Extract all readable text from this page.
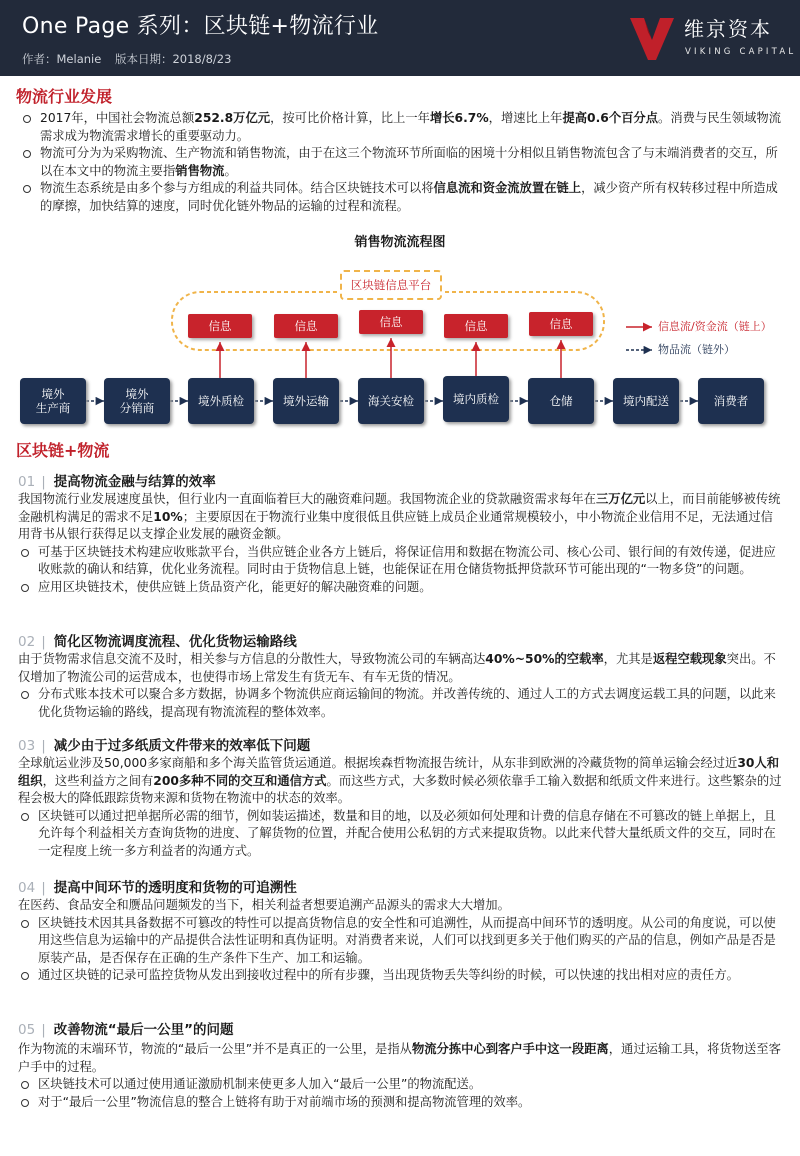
One Page 系列：区块链+物流行业
作者：Melanie 版本日期：2018/8/23
维京资本
VIKING CAPITAL
物流行业发展
2017年，中国社会物流总额252.8万亿元，按可比价格计算，比上一年增长6.7%，增速比上年提高0.6个百分点。消费与民生领域物流需求成为物流需求增长的重要驱动力。
物流可分为为采购物流、生产物流和销售物流，由于在这三个物流环节所面临的困境十分相似且销售物流包含了与末端消费者的交互，所以在本文中的物流主要指销售物流。
物流生态系统是由多个参与方组成的利益共同体。结合区块链技术可以将信息流和资金流放置在链上，减少资产所有权转移过程中所造成的摩擦，加快结算的速度，同时优化链外物品的运输的过程和流程。
销售物流流程图
区块链信息平台
信息	信息	信息	信息	信息
境外
生产商
境外
分销商	境外质检	境外运输	海关安检	境内质检	仓储	境内配送	消费者
信息流/资金流（链上）
物品流（链外）
区块链+物流
01 | 提高物流金融与结算的效率
我国物流行业发展速度虽快，但行业内一直面临着巨大的融资难问题。我国物流企业的贷款融资需求每年在三万亿元以上，而目前能够被传统金融机构满足的需求不足10%；主要原因在于物流行业集中度很低且供应链上成员企业通常规模较小，中小物流企业信用不足，无法通过信用背书从银行获得足以支撑企业发展的融资金额。
可基于区块链技术构建应收账款平台，当供应链企业各方上链后，将保证信用和数据在物流公司、核心公司、银行间的有效传递，促进应收账款的确认和结算，优化业务流程。同时由于货物信息上链，也能保证在用仓储货物抵押贷款环节可能出现的“一物多贷”的问题。
应用区块链技术，使供应链上货品资产化，能更好的解决融资难的问题。
02 | 简化区物流调度流程、优化货物运输路线
由于货物需求信息交流不及时，相关参与方信息的分散性大，导致物流公司的车辆高达40%~50%的空载率，尤其是返程空载现象突出。不仅增加了物流公司的运营成本，也使得市场上常发生有货无车、有车无货的情况。
分布式账本技术可以聚合多方数据，协调多个物流供应商运输间的物流。并改善传统的、通过人工的方式去调度运载工具的问题，以此来优化货物运输的路线，提高现有物流流程的整体效率。
03 | 减少由于过多纸质文件带来的效率低下问题
全球航运业涉及50,000多家商船和多个海关监管货运通道。根据埃森哲物流报告统计，从东非到欧洲的冷藏货物的简单运输会经过近30人和组织，这些利益方之间有200多种不同的交互和通信方式。而这些方式，大多数时候必须依靠手工输入数据和纸质文件来进行。这些繁杂的过程会极大的降低跟踪货物来源和货物在物流中的状态的效率。
区块链可以通过把单据所必需的细节，例如装运描述，数量和目的地，以及必须如何处理和计费的信息存储在不可篡改的链上单据上，且允许每个利益相关方查询货物的进度、了解货物的位置，并配合使用公私钥的方式来提取货物。以此来代替大量纸质文件的交互，同时在一定程度上统一多方利益者的沟通方式。
04 | 提高中间环节的透明度和货物的可追溯性
在医药、食品安全和赝品问题频发的当下，相关利益者想要追溯产品源头的需求大大增加。
区块链技术因其具备数据不可篡改的特性可以提高货物信息的安全性和可追溯性，从而提高中间环节的透明度。从公司的角度说，可以使用这些信息为运输中的产品提供合法性证明和真伪证明。对消费者来说，人们可以找到更多关于他们购买的产品的信息，例如产品是否是原装产品，是否保存在正确的生产条件下生产、加工和运输。
通过区块链的记录可监控货物从发出到接收过程中的所有步骤，当出现货物丢失等纠纷的时候，可以快速的找出相对应的责任方。
05 | 改善物流“最后一公里”的问题
作为物流的末端环节，物流的“最后一公里”并不是真正的一公里，是指从物流分拣中心到客户手中这一段距离，通过运输工具，将货物送至客户手中的过程。
区块链技术可以通过使用通证激励机制来使更多人加入“最后一公里”的物流配送。
对于“最后一公里”物流信息的整合上链将有助于对前端市场的预测和提高物流管理的效率。
